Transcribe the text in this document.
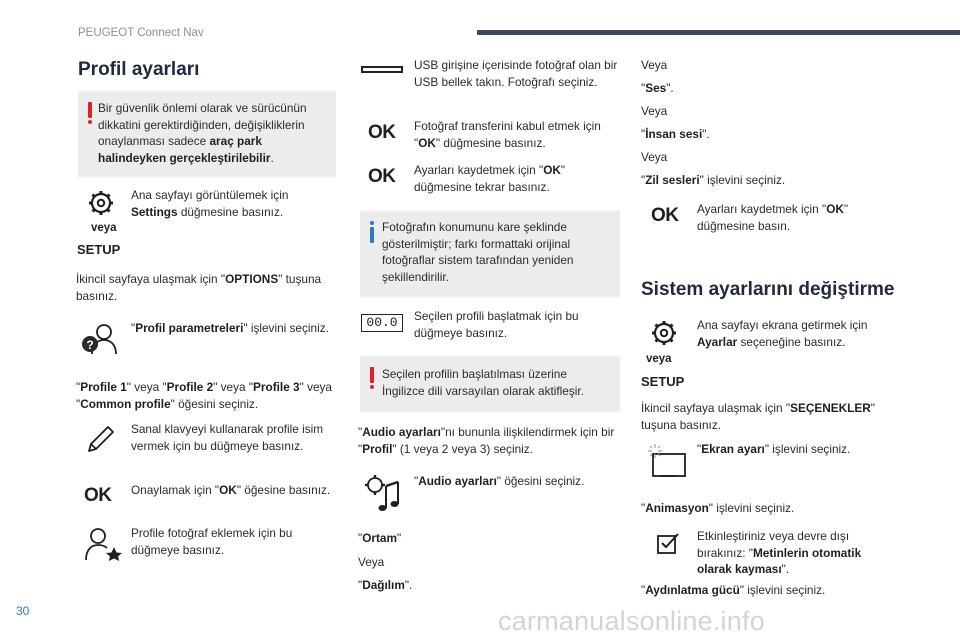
PEUGEOT Connect Nav
30	carmanualsonline.info
Profil ayarları
Bir güvenlik önlemi olarak ve sürücünün dikkatini gerektirdiğinden, değişikliklerin onaylanması sadece araç park halindeyken gerçekleştirilebilir.
veya
SETUP
Ana sayfayı görüntülemek için Settings düğmesine basınız.
İkincil sayfaya ulaşmak için "OPTIONS" tuşuna basınız.
?
"Profil parametreleri" işlevini seçiniz.
"Profile 1" veya "Profile 2" veya "Profile 3" veya "Common profile" öğesini seçiniz.
Sanal klavyeyi kullanarak profile isim vermek için bu düğmeye basınız.
OK Onaylamak için "OK" öğesine basınız.
Profile fotoğraf eklemek için bu düğmeye basınız.
USB girişine içerisinde fotoğraf olan bir USB bellek takın. Fotoğrafı seçiniz.
OK Fotoğraf transferini kabul etmek için "OK" düğmesine basınız.
OK Ayarları kaydetmek için "OK" düğmesine tekrar basınız.
Fotoğrafın konumunu kare şeklinde gösterilmiştir; farkı formattaki orijinal fotoğraflar sistem tarafından yeniden şekillendirilir.
00.0	Seçilen profili başlatmak için bu düğmeye basınız.
Seçilen profilin başlatılması üzerine İngilizce dili varsayılan olarak aktifleşir.
"Audio ayarları"nı bununla ilişkilendirmek için bir "Profil" (1 veya 2 veya 3) seçiniz.
"Audio ayarları" öğesini seçiniz.
"Ortam"
Veya
"Dağılım".
Veya
"Ses".
Veya
"İnsan sesi".
Veya
"Zil sesleri" işlevini seçiniz.
OK Ayarları kaydetmek için "OK" düğmesine basın.
Sistem ayarlarını değiştirme
veya
SETUP
Ana sayfayı ekrana getirmek için Ayarlar seçeneğine basınız.
İkincil sayfaya ulaşmak için "SEÇENEKLER" tuşuna basınız.
"Ekran ayarı" işlevini seçiniz.
"Animasyon" işlevini seçiniz.
Etkinleştiriniz veya devre dışı bırakınız: "Metinlerin otomatik olarak kayması".
"Aydınlatma gücü" işlevini seçiniz.
